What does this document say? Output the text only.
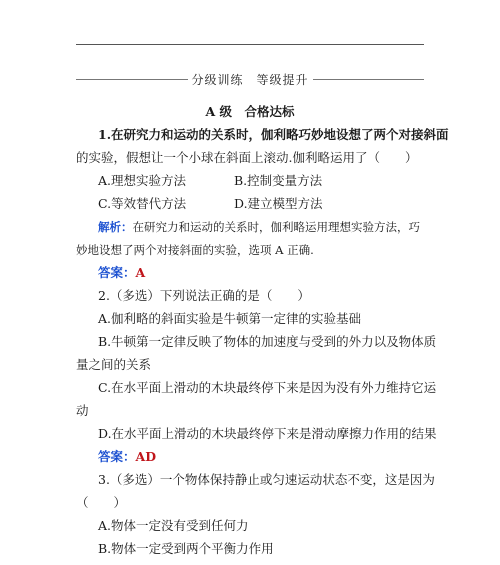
分级训练　等级提升
A 级　合格达标
1.在研究力和运动的关系时，伽利略巧妙地设想了两个对接斜面
的实验，假想让一个小球在斜面上滚动.伽利略运用了（　　）
A.理想实验方法	B.控制变量方法
C.等效替代方法	D.建立模型方法
解析：在研究力和运动的关系时，伽利略运用理想实验方法，巧
妙地设想了两个对接斜面的实验，选项 A 正确.
答案：A
2.（多选）下列说法正确的是（　　）
A.伽利略的斜面实验是牛顿第一定律的实验基础
B.牛顿第一定律反映了物体的加速度与受到的外力以及物体质
量之间的关系
C.在水平面上滑动的木块最终停下来是因为没有外力维持它运
动
D.在水平面上滑动的木块最终停下来是滑动摩擦力作用的结果
答案：AD
3.（多选）一个物体保持静止或匀速运动状态不变，这是因为
（　　）
A.物体一定没有受到任何力
B.物体一定受到两个平衡力作用
